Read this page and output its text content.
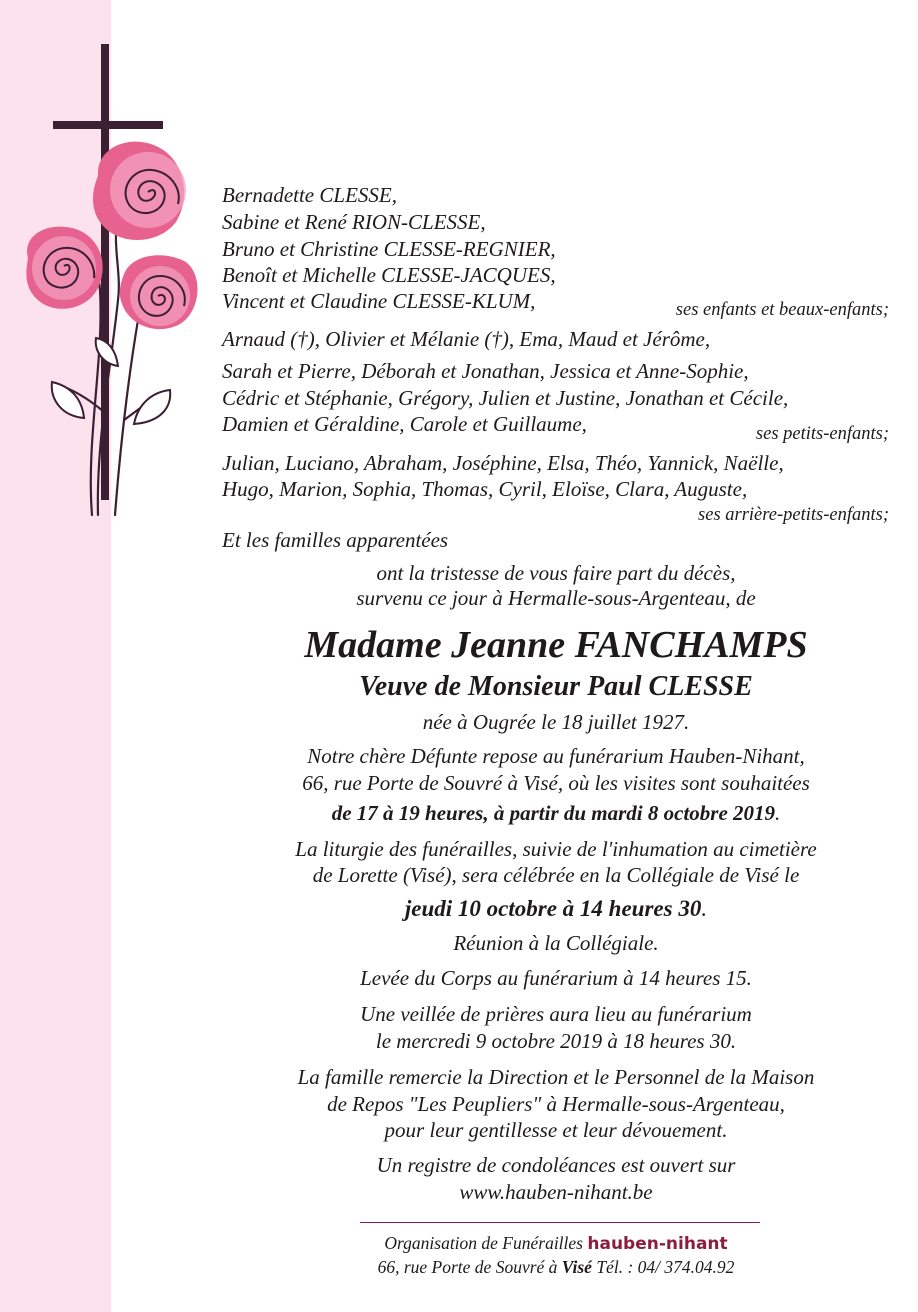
Bernadette CLESSE,

Sabine et René RION-CLESSE,

Bruno et Christine CLESSE-REGNIER,

Benoît et Michelle CLESSE-JACQUES,

Vincent et Claudine CLESSE-KLUM,	ses enfants et beaux-enfants;

Arnaud (†), Olivier et Mélanie (†), Ema, Maud et Jérôme,

Sarah et Pierre, Déborah et Jonathan, Jessica et Anne-Sophie,

Cédric et Stéphanie, Grégory, Julien et Justine, Jonathan et Cécile,

Damien et Géraldine, Carole et Guillaume,	ses petits-enfants;

Julian, Luciano, Abraham, Joséphine, Elsa, Théo, Yannick, Naëlle,

Hugo, Marion, Sophia, Thomas, Cyril, Eloïse, Clara, Auguste,

ses arrière-petits-enfants;

Et les familles apparentées

ont la tristesse de vous faire part du décès,

survenu ce jour à Hermalle-sous-Argenteau, de

Madame Jeanne FANCHAMPS

Veuve de Monsieur Paul CLESSE

née à Ougrée le 18 juillet 1927.

Notre chère Défunte repose au funérarium Hauben-Nihant,

66, rue Porte de Souvré à Visé, où les visites sont souhaitées

de 17 à 19 heures, à partir du mardi 8 octobre 2019.

La liturgie des funérailles, suivie de l'inhumation au cimetière

de Lorette (Visé), sera célébrée en la Collégiale de Visé le

jeudi 10 octobre à 14 heures 30.

Réunion à la Collégiale.

Levée du Corps au funérarium à 14 heures 15.

Une veillée de prières aura lieu au funérarium

le mercredi 9 octobre 2019 à 18 heures 30.

La famille remercie la Direction et le Personnel de la Maison

de Repos "Les Peupliers" à Hermalle-sous-Argenteau,

pour leur gentillesse et leur dévouement.

Un registre de condoléances est ouvert sur

www.hauben-nihant.be

Organisation de Funérailles hauben-nihant

66, rue Porte de Souvré à Visé Tél. : 04/ 374.04.92
